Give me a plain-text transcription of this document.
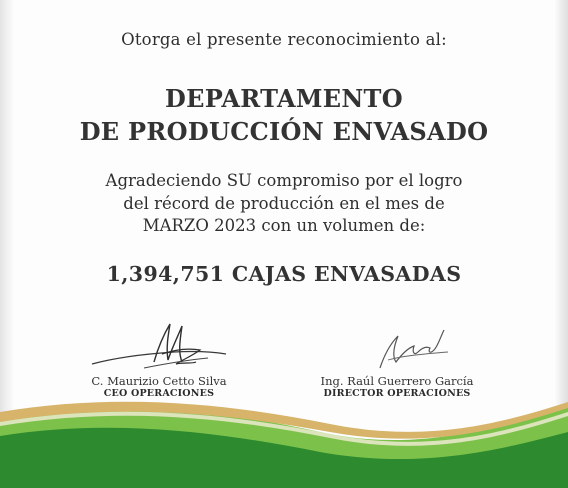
Otorga el presente reconocimiento al:
DEPARTAMENTO
DE PRODUCCIÓN ENVASADO
Agradeciendo SU compromiso por el logro
del récord de producción en el mes de
MARZO 2023 con un volumen de:
1,394,751 CAJAS ENVASADAS
C. Maurizio Cetto Silva
CEO OPERACIONES
Ing. Raúl Guerrero García
DIRECTOR OPERACIONES
